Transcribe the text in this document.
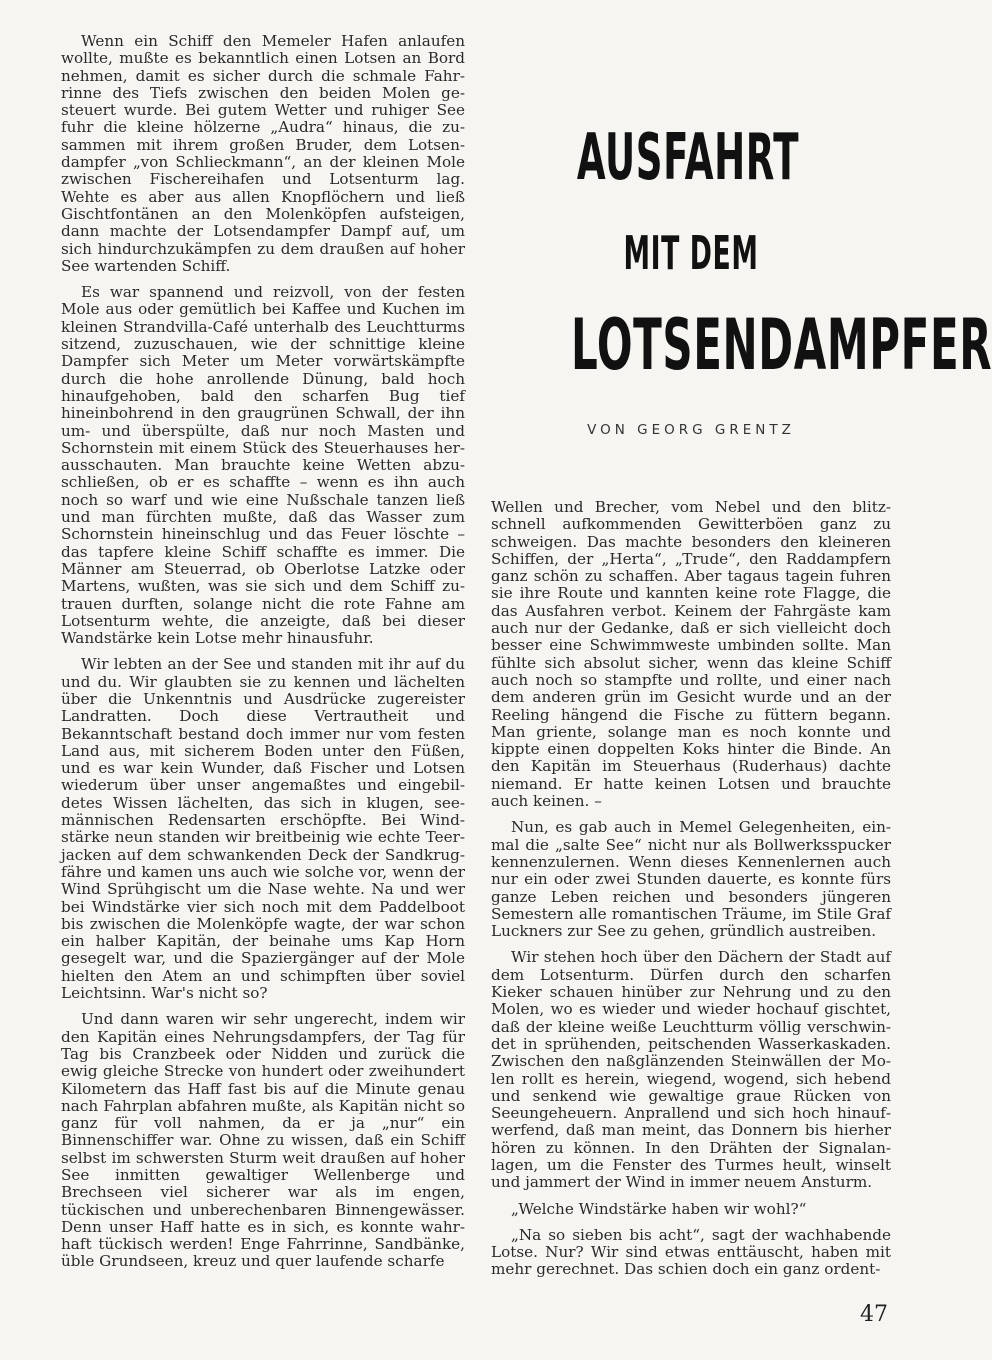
Wenn ein Schiff den Memeler Hafen anlaufen wollte, mußte es bekanntlich einen Lotsen an Bord nehmen, damit es sicher durch die schmale Fahrrinne des Tiefs zwischen den beiden Molen gesteuert wurde. Bei gutem Wetter und ruhiger See fuhr die kleine hölzerne „Audra“ hinaus, die zusammen mit ihrem großen Bruder, dem Lotsendampfer „von Schlieckmann“, an der kleinen Mole zwischen Fischereihafen und Lotsenturm lag. Wehte es aber aus allen Knopflöchern und ließ Gischtfontänen an den Molenköpfen aufsteigen, dann machte der Lotsendampfer Dampf auf, um sich hindurchzukämpfen zu dem draußen auf hoher See wartenden Schiff.

Es war spannend und reizvoll, von der festen Mole aus oder gemütlich bei Kaffee und Kuchen im kleinen Strandvilla-Café unterhalb des Leuchtturms sitzend, zuzuschauen, wie der schnittige kleine Dampfer sich Meter um Meter vorwärtskämpfte durch die hohe anrollende Dünung, bald hoch hinaufgehoben, bald den scharfen Bug tief hineinbohrend in den graugrünen Schwall, der ihn um- und überspülte, daß nur noch Masten und Schornstein mit einem Stück des Steuerhauses herausschauten. Man brauchte keine Wetten abzuschließen, ob er es schaffte – wenn es ihn auch noch so warf und wie eine Nußschale tanzen ließ und man fürchten mußte, daß das Wasser zum Schornstein hineinschlug und das Feuer löschte – das tapfere kleine Schiff schaffte es immer. Die Männer am Steuerrad, ob Oberlotse Latzke oder Martens, wußten, was sie sich und dem Schiff zutrauen durften, solange nicht die rote Fahne am Lotsenturm wehte, die anzeigte, daß bei dieser Wandstärke kein Lotse mehr hinausfuhr.

Wir lebten an der See und standen mit ihr auf du und du. Wir glaubten sie zu kennen und lächelten über die Unkenntnis und Ausdrücke zugereister Landratten. Doch diese Vertrautheit und Bekanntschaft bestand doch immer nur vom festen Land aus, mit sicherem Boden unter den Füßen, und es war kein Wunder, daß Fischer und Lotsen wiederum über unser angemaßtes und eingebildetes Wissen lächelten, das sich in klugen, seemännischen Redensarten erschöpfte. Bei Windstärke neun standen wir breitbeinig wie echte Teerjacken auf dem schwankenden Deck der Sandkrugfähre und kamen uns auch wie solche vor, wenn der Wind Sprühgischt um die Nase wehte. Na und wer bei Windstärke vier sich noch mit dem Paddelboot bis zwischen die Molenköpfe wagte, der war schon ein halber Kapitän, der beinahe ums Kap Horn gesegelt war, und die Spaziergänger auf der Mole hielten den Atem an und schimpften über soviel Leichtsinn. War's nicht so?

Und dann waren wir sehr ungerecht, indem wir den Kapitän eines Nehrungsdampfers, der Tag für Tag bis Cranzbeek oder Nidden und zurück die ewig gleiche Strecke von hundert oder zweihundert Kilometern das Haff fast bis auf die Minute genau nach Fahrplan abfahren mußte, als Kapitän nicht so ganz für voll nahmen, da er ja „nur“ ein Binnenschiffer war. Ohne zu wissen, daß ein Schiff selbst im schwersten Sturm weit draußen auf hoher See inmitten gewaltiger Wellenberge und Brechseen viel sicherer war als im engen, tückischen und unberechenbaren Binnengewässer. Denn unser Haff hatte es in sich, es konnte wahrhaft tückisch werden! Enge Fahrrinne, Sandbänke, üble Grundseen, kreuz und quer laufende scharfe

AUSFAHRT
MIT DEM
LOTSENDAMPFER
VON GEORG GRENTZ

Wellen und Brecher, vom Nebel und den blitzschnell aufkommenden Gewitterböen ganz zu schweigen. Das machte besonders den kleineren Schiffen, der „Herta“, „Trude“, den Raddampfern ganz schön zu schaffen. Aber tagaus tagein fuhren sie ihre Route und kannten keine rote Flagge, die das Ausfahren verbot. Keinem der Fahrgäste kam auch nur der Gedanke, daß er sich vielleicht doch besser eine Schwimmweste umbinden sollte. Man fühlte sich absolut sicher, wenn das kleine Schiff auch noch so stampfte und rollte, und einer nach dem anderen grün im Gesicht wurde und an der Reeling hängend die Fische zu füttern begann. Man griente, solange man es noch konnte und kippte einen doppelten Koks hinter die Binde. An den Kapitän im Steuerhaus (Ruderhaus) dachte niemand. Er hatte keinen Lotsen und brauchte auch keinen. –

Nun, es gab auch in Memel Gelegenheiten, einmal die „salte See“ nicht nur als Bollwerksspucker kennenzulernen. Wenn dieses Kennenlernen auch nur ein oder zwei Stunden dauerte, es konnte fürs ganze Leben reichen und besonders jüngeren Semestern alle romantischen Träume, im Stile Graf Luckners zur See zu gehen, gründlich austreiben.

Wir stehen hoch über den Dächern der Stadt auf dem Lotsenturm. Dürfen durch den scharfen Kieker schauen hinüber zur Nehrung und zu den Molen, wo es wieder und wieder hochauf gischtet, daß der kleine weiße Leuchtturm völlig verschwindet in sprühenden, peitschenden Wasserkaskaden. Zwischen den naßglänzenden Steinwällen der Molen rollt es herein, wiegend, wogend, sich hebend und senkend wie gewaltige graue Rücken von Seeungeheuern. Anprallend und sich hoch hinaufwerfend, daß man meint, das Donnern bis hierher hören zu können. In den Drähten der Signalanlagen, um die Fenster des Turmes heult, winselt und jammert der Wind in immer neuem Ansturm.

„Welche Windstärke haben wir wohl?“

„Na so sieben bis acht“, sagt der wachhabende Lotse. Nur? Wir sind etwas enttäuscht, haben mit mehr gerechnet. Das schien doch ein ganz ordent-

47
